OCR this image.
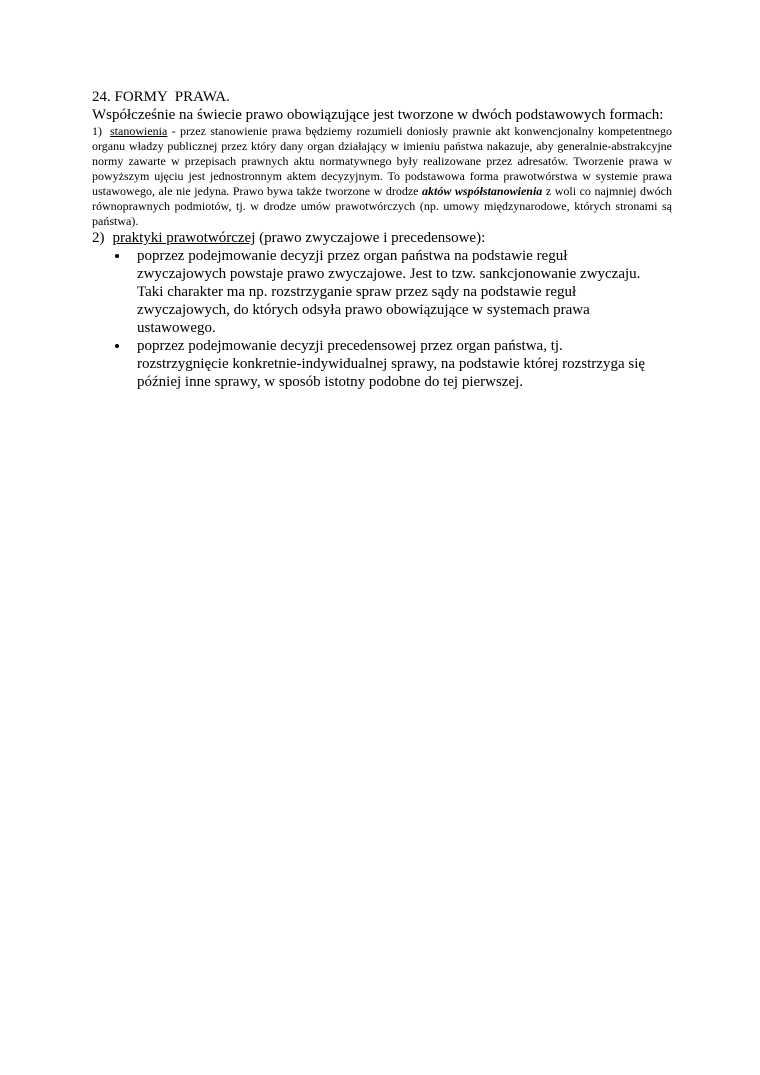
24. FORMY  PRAWA.
Współcześnie na świecie prawo obowiązujące jest tworzone w dwóch podstawowych formach:

1) stanowienia - przez stanowienie prawa będziemy rozumieli doniosły prawnie akt konwencjonalny kompetentnego organu władzy publicznej przez który dany organ działający w imieniu państwa nakazuje, aby generalnie-abstrakcyjne normy zawarte w przepisach prawnych aktu normatywnego były realizowane przez adresatów. Tworzenie prawa w powyższym ujęciu jest jednostronnym aktem decyzyjnym. To podstawowa forma prawotwórstwa w systemie prawa ustawowego, ale nie jedyna. Prawo bywa także tworzone w drodze aktów współstanowienia z woli co najmniej dwóch równoprawnych podmiotów, tj. w drodze umów prawotwórczych (np. umowy międzynarodowe, których stronami są państwa).

2) praktyki prawotwórczej (prawo zwyczajowe i precedensowe):

• poprzez podejmowanie decyzji przez organ państwa na podstawie reguł zwyczajowych powstaje prawo zwyczajowe. Jest to tzw. sankcjonowanie zwyczaju. Taki charakter ma np. rozstrzyganie spraw przez sądy na podstawie reguł zwyczajowych, do których odsyła prawo obowiązujące w systemach prawa ustawowego.
• poprzez podejmowanie decyzji precedensowej przez organ państwa, tj. rozstrzygnięcie konkretnie-indywidualnej sprawy, na podstawie której rozstrzyga się później inne sprawy, w sposób istotny podobne do tej pierwszej.
